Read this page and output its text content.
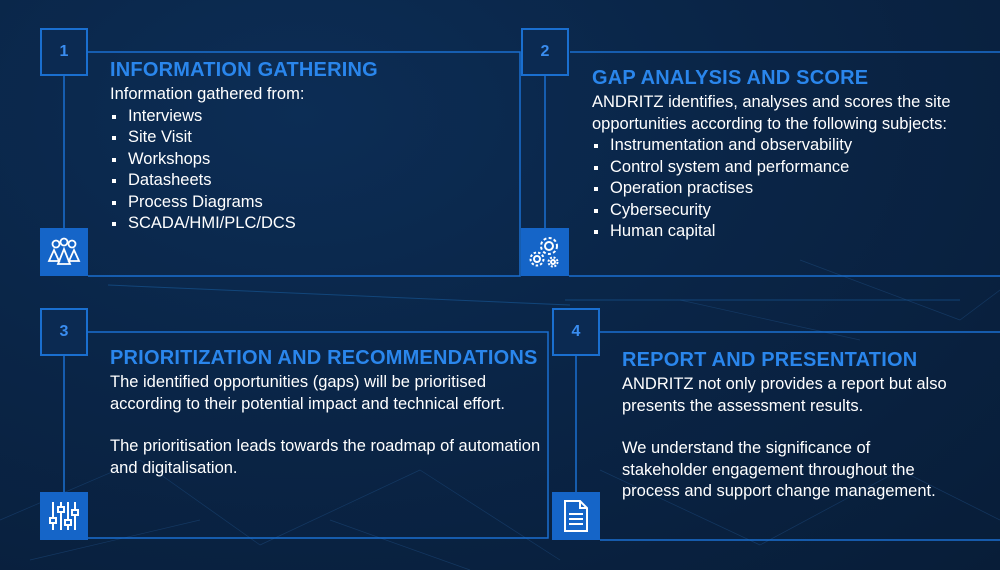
1
INFORMATION GATHERING

Information gathered from:

Interviews
Site Visit
Workshops
Datasheets
Process Diagrams
SCADA/HMI/PLC/DCS
2
GAP ANALYSIS AND SCORE

ANDRITZ identifies, analyses and scores the site opportunities according to the following subjects:

Instrumentation and observability
Control system and performance
Operation practises
Cybersecurity
Human capital
3
PRIORITIZATION AND RECOMMENDATIONS

The identified opportunities (gaps) will be prioritised according to their potential impact and technical effort.

The prioritisation leads towards the roadmap of automation and digitalisation.

4
REPORT AND PRESENTATION

ANDRITZ not only provides a report but also presents the assessment results.

We understand the significance of stakeholder engagement throughout the process and support change management.
